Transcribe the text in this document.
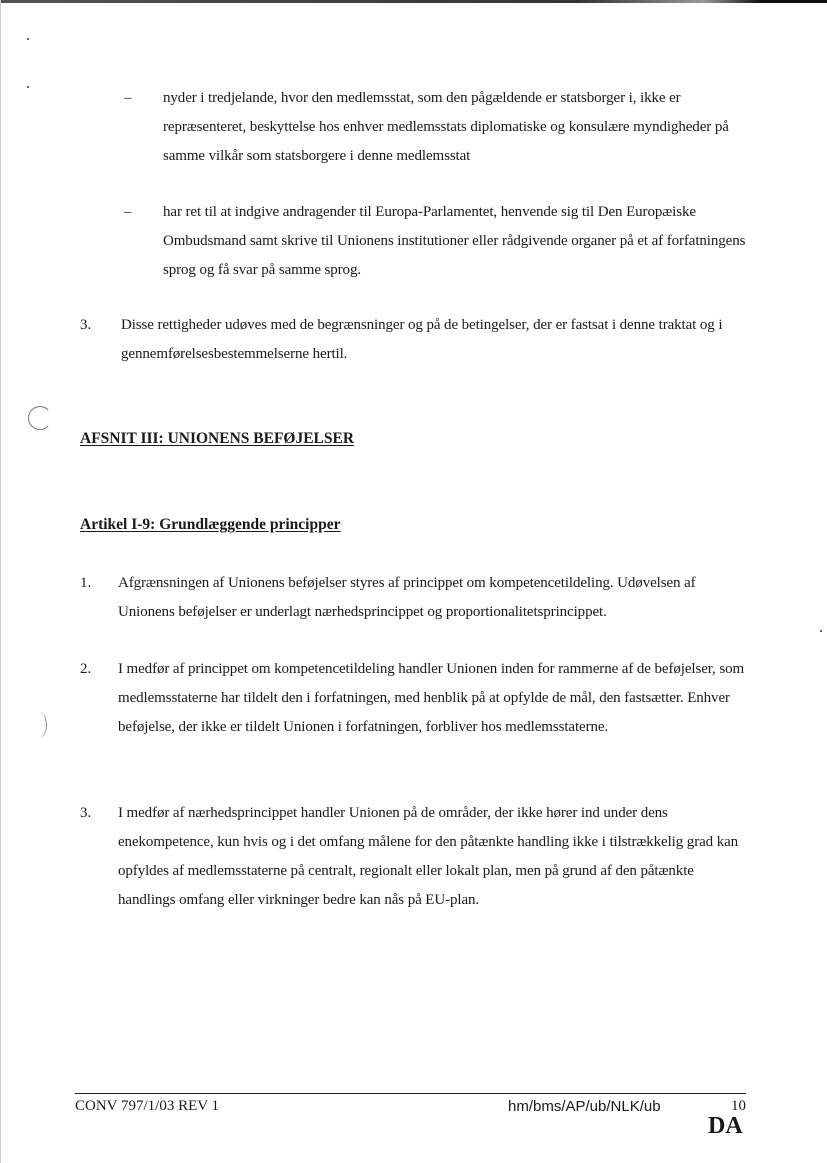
– nyder i tredjelande, hvor den medlemsstat, som den pågældende er statsborger i, ikke er repræsenteret, beskyttelse hos enhver medlemsstats diplomatiske og konsulære myndigheder på samme vilkår som statsborgere i denne medlemsstat
– har ret til at indgive andragender til Europa-Parlamentet, henvende sig til Den Europæiske Ombudsmand samt skrive til Unionens institutioner eller rådgivende organer på et af forfatningens sprog og få svar på samme sprog.
3. Disse rettigheder udøves med de begrænsninger og på de betingelser, der er fastsat i denne traktat og i gennemførelsesbestemmelserne hertil.
AFSNIT III: UNIONENS BEFØJELSER
Artikel I-9: Grundlæggende principper
1. Afgrænsningen af Unionens beføjelser styres af princippet om kompetencetildeling. Udøvelsen af Unionens beføjelser er underlagt nærhedsprincippet og proportionalitetsprincippet.
2. I medfør af princippet om kompetencetildeling handler Unionen inden for rammerne af de beføjelser, som medlemsstaterne har tildelt den i forfatningen, med henblik på at opfylde de mål, den fastsætter. Enhver beføjelse, der ikke er tildelt Unionen i forfatningen, forbliver hos medlemsstaterne.
3. I medfør af nærhedsprincippet handler Unionen på de områder, der ikke hører ind under dens enekompetence, kun hvis og i det omfang målene for den påtænkte handling ikke i tilstrækkelig grad kan opfyldes af medlemsstaterne på centralt, regionalt eller lokalt plan, men på grund af den påtænkte handlings omfang eller virkninger bedre kan nås på EU-plan.
CONV 797/1/03 REV 1	hm/bms/AP/ub/NLK/ub	10
DA
